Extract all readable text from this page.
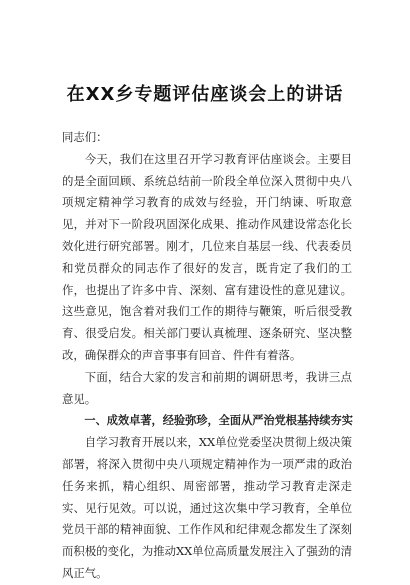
在XX乡专题评估座谈会上的讲话

同志们：

今天，我们在这里召开学习教育评估座谈会。主要目的是全面回顾、系统总结前一阶段全单位深入贯彻中央八项规定精神学习教育的成效与经验，开门纳谏、听取意见，并对下一阶段巩固深化成果、推动作风建设常态化长效化进行研究部署。刚才，几位来自基层一线、代表委员和党员群众的同志作了很好的发言，既肯定了我们的工作，也提出了许多中肯、深刻、富有建设性的意见建议。这些意见，饱含着对我们工作的期待与鞭策，听后很受教育、很受启发。相关部门要认真梳理、逐条研究、坚决整改，确保群众的声音事事有回音、件件有着落。

下面，结合大家的发言和前期的调研思考，我讲三点意见。

一、成效卓著，经验弥珍，全面从严治党根基持续夯实

自学习教育开展以来，XX单位党委坚决贯彻上级决策部署，将深入贯彻中央八项规定精神作为一项严肃的政治任务来抓，精心组织、周密部署，推动学习教育走深走实、见行见效。可以说，通过这次集中学习教育，全单位党员干部的精神面貌、工作作风和纪律观念都发生了深刻而积极的变化，为推动XX单位高质量发展注入了强劲的清风正气。
